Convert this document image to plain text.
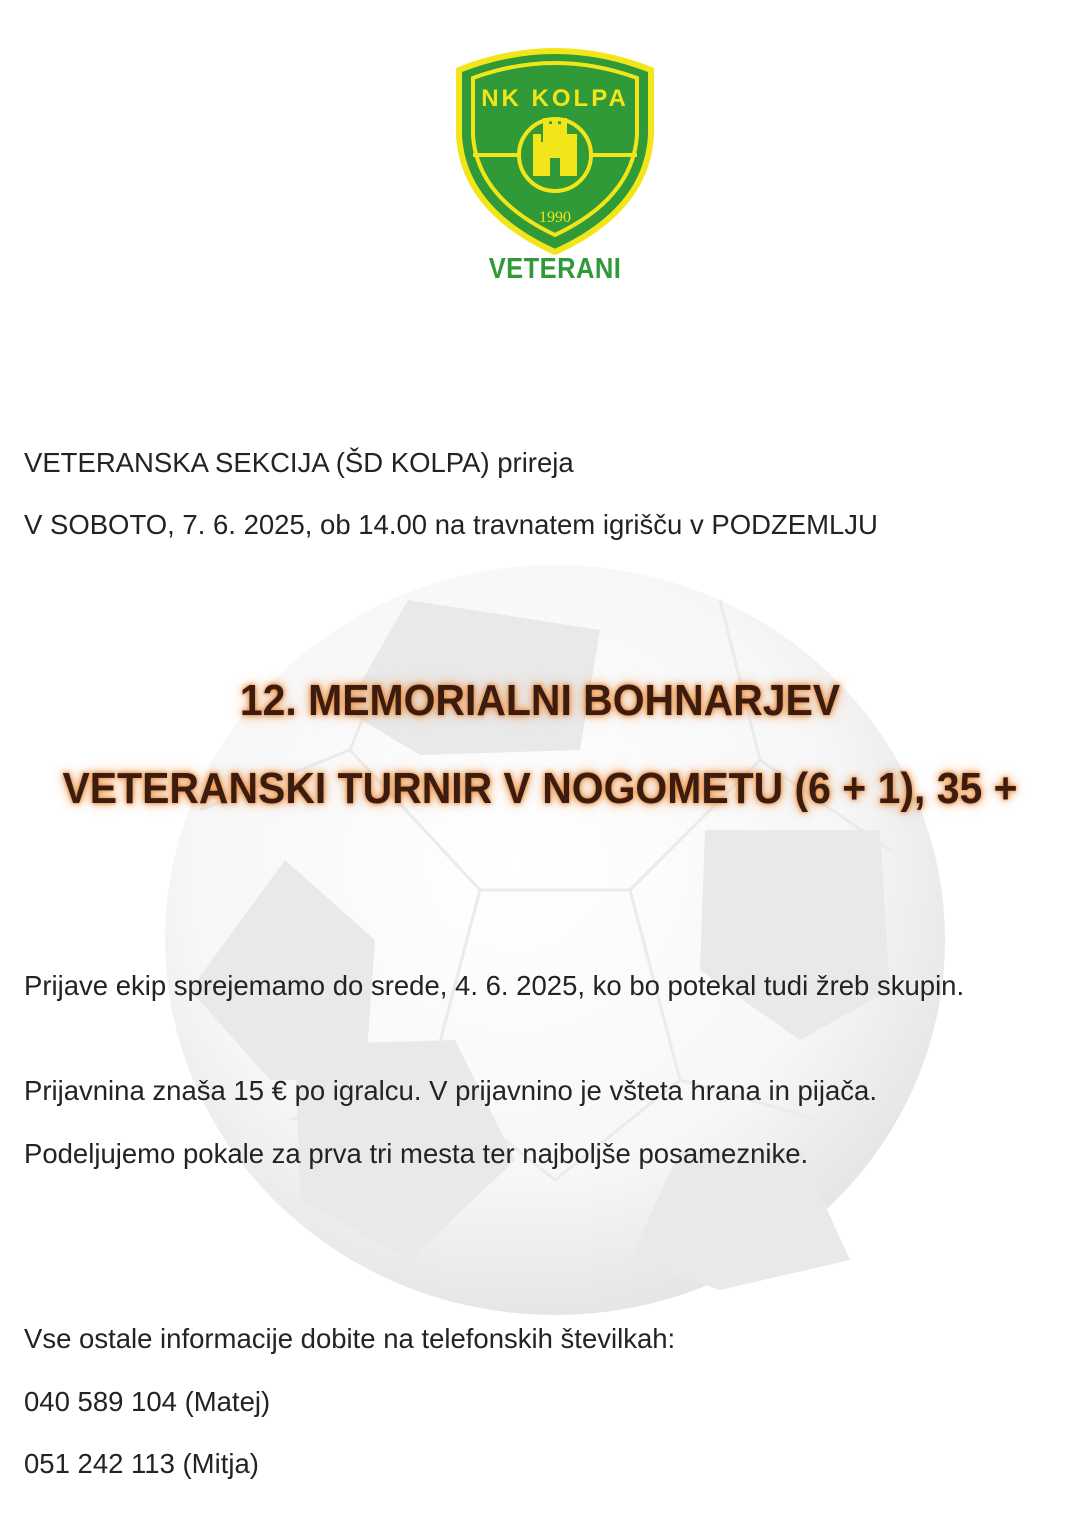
NK KOLPA
1990
VETERANI
VETERANSKA SEKCIJA (ŠD KOLPA) prireja
V SOBOTO, 7. 6. 2025, ob 14.00 na travnatem igrišču v PODZEMLJU
12. MEMORIALNI BOHNARJEV
VETERANSKI TURNIR V NOGOMETU (6 + 1), 35 +
Prijave ekip sprejemamo do srede, 4. 6. 2025, ko bo potekal tudi žreb skupin.
Prijavnina znaša 15 € po igralcu. V prijavnino je všteta hrana in pijača.
Podeljujemo pokale za prva tri mesta ter najboljše posameznike.
Vse ostale informacije dobite na telefonskih številkah:
040 589 104 (Matej)
051 242 113 (Mitja)
